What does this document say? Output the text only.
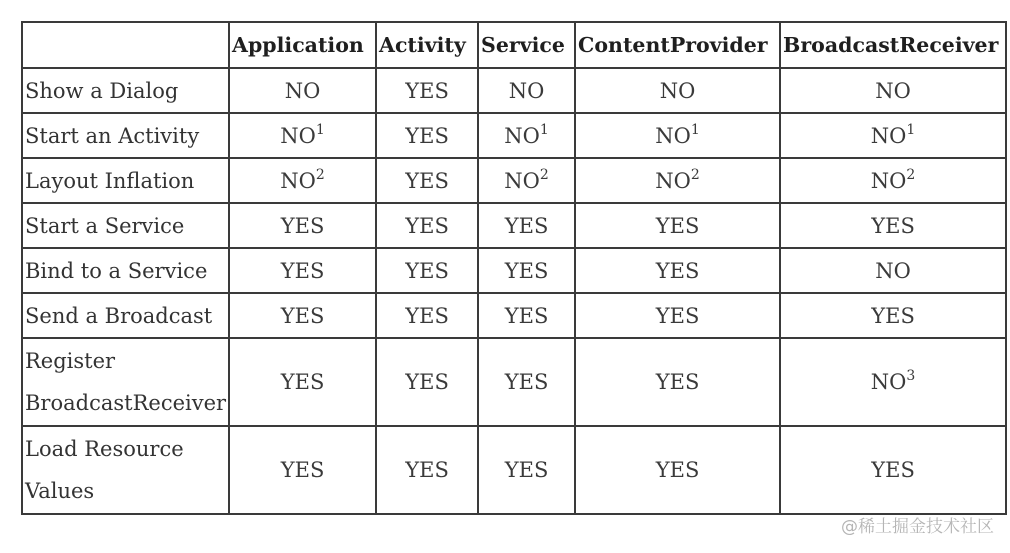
	Application	Activity	Service	ContentProvider	BroadcastReceiver
Show a Dialog	NO	YES	NO	NO	NO
Start an Activity	$NO^1$	YES	$NO^1$	$NO^1$	$NO^1$
Layout Inflation	$NO^2$	YES	$NO^2$	$NO^2$	$NO^2$
Start a Service	YES	YES	YES	YES	YES
Bind to a Service	YES	YES	YES	YES	NO
Send a Broadcast	YES	YES	YES	YES	YES
Register BroadcastReceiver	YES	YES	YES	YES	$NO^3$
Load Resource Values	YES	YES	YES	YES	YES
@稀土掘金技术社区
